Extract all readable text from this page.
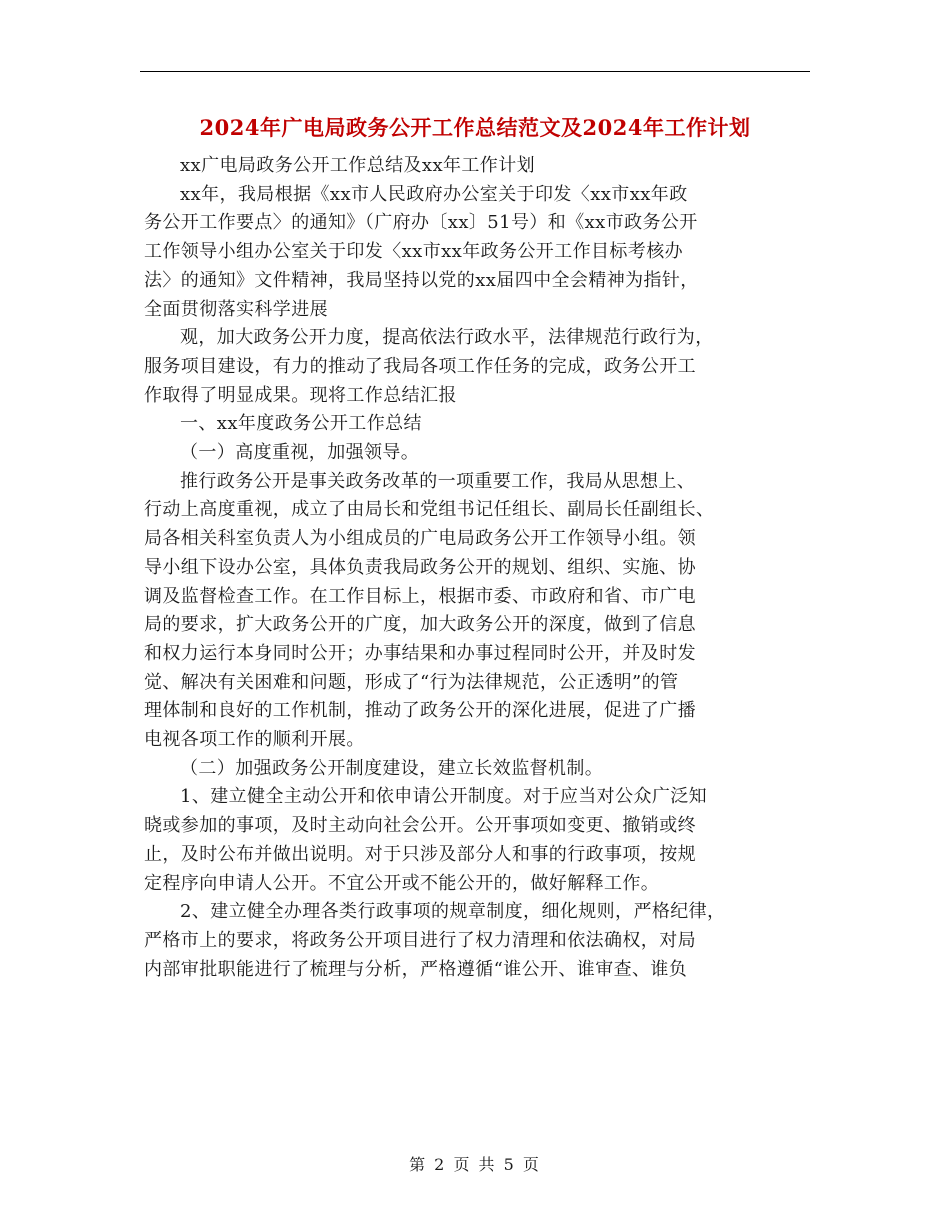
2024年广电局政务公开工作总结范文及2024年工作计划
xx广电局政务公开工作总结及xx年工作计划
xx年，我局根据《xx市人民政府办公室关于印发〈xx市xx年政
务公开工作要点〉的通知》（广府办〔xx〕51号）和《xx市政务公开
工作领导小组办公室关于印发〈xx市xx年政务公开工作目标考核办
法〉的通知》文件精神，我局坚持以党的xx届四中全会精神为指针，
全面贯彻落实科学进展
观，加大政务公开力度，提高依法行政水平，法律规范行政行为，
服务项目建设，有力的推动了我局各项工作任务的完成，政务公开工
作取得了明显成果。现将工作总结汇报
一、xx年度政务公开工作总结
（一）高度重视，加强领导。
推行政务公开是事关政务改革的一项重要工作，我局从思想上、
行动上高度重视，成立了由局长和党组书记任组长、副局长任副组长、
局各相关科室负责人为小组成员的广电局政务公开工作领导小组。领
导小组下设办公室，具体负责我局政务公开的规划、组织、实施、协
调及监督检查工作。在工作目标上，根据市委、市政府和省、市广电
局的要求，扩大政务公开的广度，加大政务公开的深度，做到了信息
和权力运行本身同时公开；办事结果和办事过程同时公开，并及时发
觉、解决有关困难和问题，形成了“行为法律规范，公正透明”的管
理体制和良好的工作机制，推动了政务公开的深化进展，促进了广播
电视各项工作的顺利开展。
（二）加强政务公开制度建设，建立长效监督机制。
1、建立健全主动公开和依申请公开制度。对于应当对公众广泛知
晓或参加的事项，及时主动向社会公开。公开事项如变更、撤销或终
止，及时公布并做出说明。对于只涉及部分人和事的行政事项，按规
定程序向申请人公开。不宜公开或不能公开的，做好解释工作。
2、建立健全办理各类行政事项的规章制度，细化规则，严格纪律，
严格市上的要求，将政务公开项目进行了权力清理和依法确权，对局
内部审批职能进行了梳理与分析，严格遵循“谁公开、谁审查、谁负
第 2 页 共 5 页
